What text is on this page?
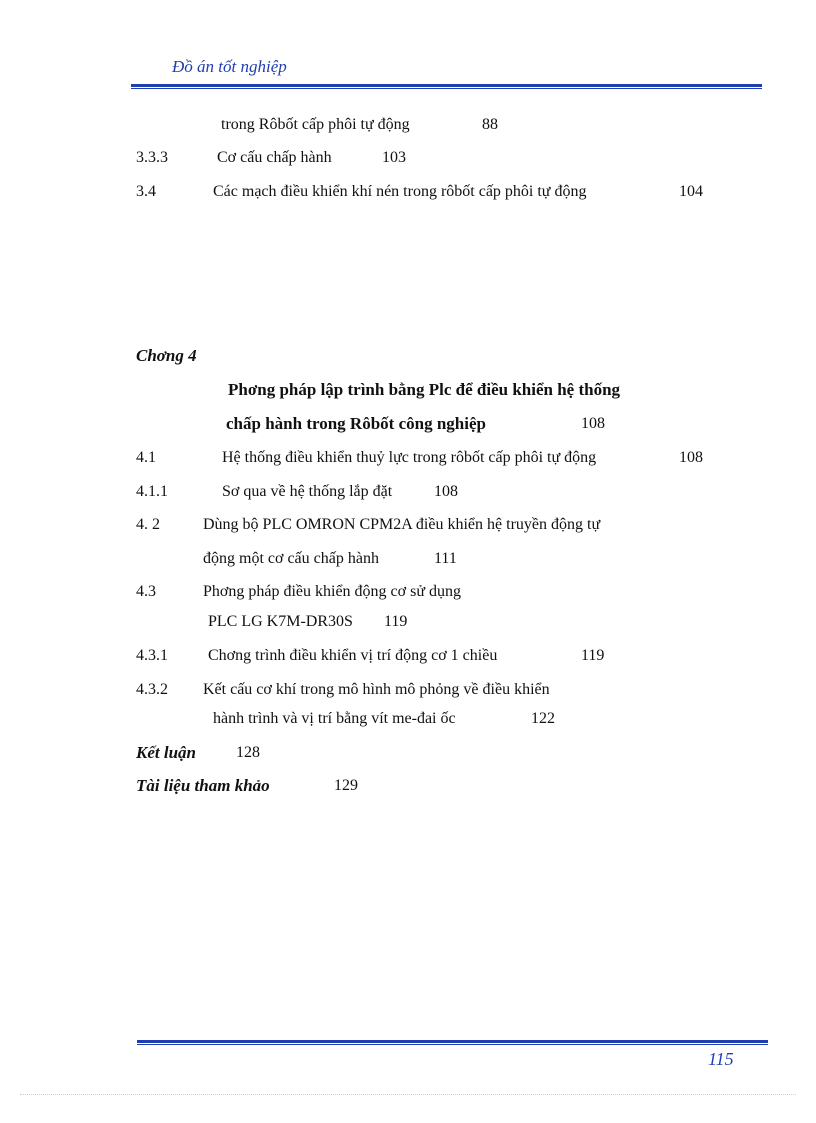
Đồ án tốt nghiệp
trong Rôbốt cấp phôi tự động	88
3.3.3	Cơ cấu chấp hành	103
3.4	Các mạch điều khiển khí nén trong rôbốt cấp phôi tự động	104
Chơng 4
Phơng pháp lập trình bằng Plc để điều khiển hệ thống
chấp hành trong Rôbốt công nghiệp	108
4.1	Hệ thống điều khiển thuỷ lực trong rôbốt cấp phôi tự động	108
4.1.1	Sơ qua về hệ thống lắp đặt	108
4. 2	Dùng bộ PLC OMRON CPM2A điều khiển hệ truyền động tự
động một cơ cấu chấp hành	111
4.3	Phơng pháp điều khiển động cơ sử dụng
PLC LG K7M-DR30S 119
4.3.1	Chơng trình điều khiển vị trí động cơ 1 chiều	119
4.3.2 Kết cấu cơ khí trong mô hình mô phỏng về điều khiển
hành trình và vị trí bằng vít me-đai ốc	122
Kết luận	128
Tài liệu tham khảo	129
115
